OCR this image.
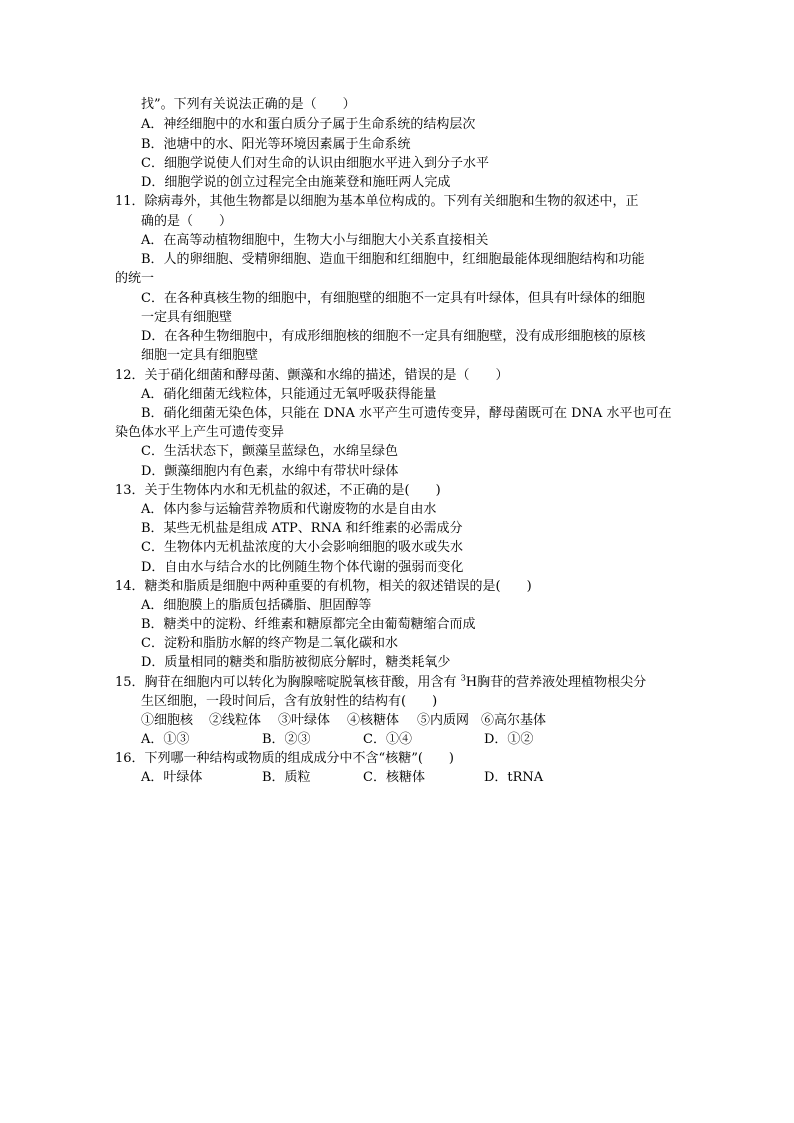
找”。下列有关说法正确的是（　　）
A．神经细胞中的水和蛋白质分子属于生命系统的结构层次
B．池塘中的水、阳光等环境因素属于生命系统
C．细胞学说使人们对生命的认识由细胞水平进入到分子水平
D．细胞学说的创立过程完全由施莱登和施旺两人完成
11．除病毒外，其他生物都是以细胞为基本单位构成的。下列有关细胞和生物的叙述中，正
确的是（　　）
A．在高等动植物细胞中，生物大小与细胞大小关系直接相关
B．人的卵细胞、受精卵细胞、造血干细胞和红细胞中，红细胞最能体现细胞结构和功能
的统一
C．在各种真核生物的细胞中，有细胞壁的细胞不一定具有叶绿体，但具有叶绿体的细胞
一定具有细胞壁
D．在各种生物细胞中，有成形细胞核的细胞不一定具有细胞壁，没有成形细胞核的原核
细胞一定具有细胞壁
12．关于硝化细菌和酵母菌、颤藻和水绵的描述，错误的是（　　）
A．硝化细菌无线粒体，只能通过无氧呼吸获得能量
B．硝化细菌无染色体，只能在 DNA 水平产生可遗传变异，酵母菌既可在 DNA 水平也可在
染色体水平上产生可遗传变异
C．生活状态下，颤藻呈蓝绿色，水绵呈绿色
D．颤藻细胞内有色素，水绵中有带状叶绿体
13．关于生物体内水和无机盐的叙述，不正确的是(　　)
A．体内参与运输营养物质和代谢废物的水是自由水
B．某些无机盐是组成 ATP、RNA 和纤维素的必需成分
C．生物体内无机盐浓度的大小会影响细胞的吸水或失水
D．自由水与结合水的比例随生物个体代谢的强弱而变化
14．糖类和脂质是细胞中两种重要的有机物，相关的叙述错误的是(　　)
A．细胞膜上的脂质包括磷脂、胆固醇等
B．糖类中的淀粉、纤维素和糖原都完全由葡萄糖缩合而成
C．淀粉和脂肪水解的终产物是二氧化碳和水
D．质量相同的糖类和脂肪被彻底分解时，糖类耗氧少
15．胸苷在细胞内可以转化为胸腺嘧啶脱氧核苷酸，用含有 $^3$H胸苷的营养液处理植物根尖分
生区细胞，一段时间后，含有放射性的结构有(　　)
①细胞核 ②线粒体 ③叶绿体 ④核糖体 ⑤内质网 ⑥高尔基体
A．①③	B．②③	C．①④	D．①②
16．下列哪一种结构或物质的组成成分中不含“核糖”(　　)
A．叶绿体	B．质粒	C．核糖体	D．tRNA
